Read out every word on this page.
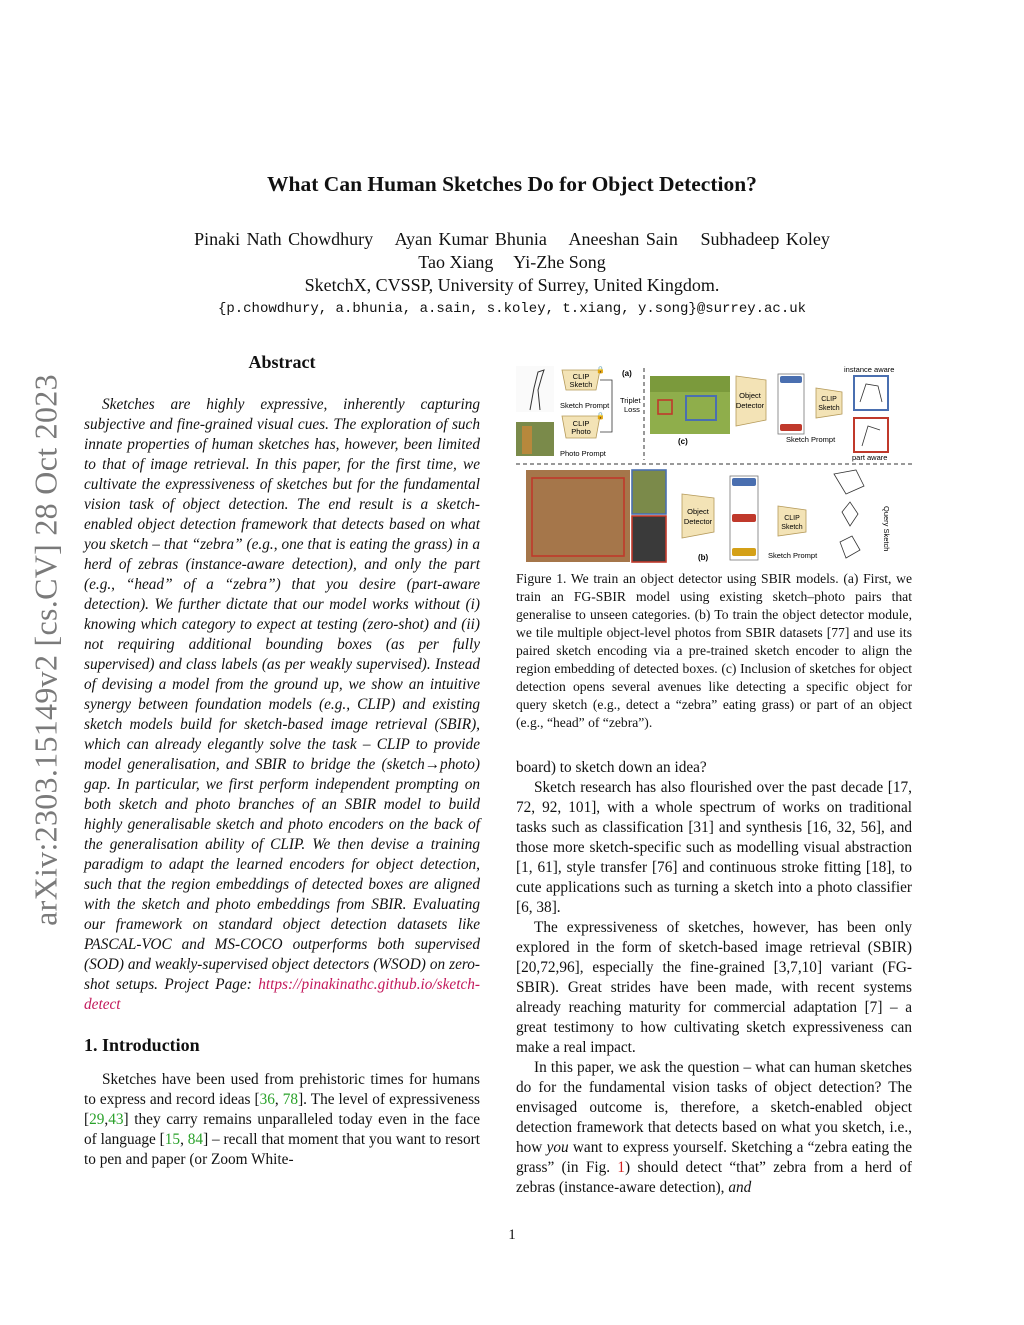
arXiv:2303.15149v2 [cs.CV] 28 Oct 2023
What Can Human Sketches Do for Object Detection?
Pinaki Nath Chowdhury Ayan Kumar Bhunia Aneeshan Sain Subhadeep Koley
Tao Xiang Yi-Zhe Song
SketchX, CVSSP, University of Surrey, United Kingdom.
{p.chowdhury, a.bhunia, a.sain, s.koley, t.xiang, y.song}@surrey.ac.uk
Abstract

Sketches are highly expressive, inherently capturing subjective and fine-grained visual cues. The exploration of such innate properties of human sketches has, however, been limited to that of image retrieval. In this paper, for the first time, we cultivate the expressiveness of sketches but for the fundamental vision task of object detection. The end result is a sketch-enabled object detection framework that detects based on what you sketch – that “zebra” (e.g., one that is eating the grass) in a herd of zebras (instance-aware detection), and only the part (e.g., “head” of a “zebra”) that you desire (part-aware detection). We further dictate that our model works without (i) knowing which category to expect at testing (zero-shot) and (ii) not requiring additional bounding boxes (as per fully supervised) and class labels (as per weakly supervised). Instead of devising a model from the ground up, we show an intuitive synergy between foundation models (e.g., CLIP) and existing sketch models build for sketch-based image retrieval (SBIR), which can already elegantly solve the task – CLIP to provide model generalisation, and SBIR to bridge the (sketch→photo) gap. In particular, we first perform independent prompting on both sketch and photo branches of an SBIR model to build highly generalisable sketch and photo encoders on the back of the generalisation ability of CLIP. We then devise a training paradigm to adapt the learned encoders for object detection, such that the region embeddings of detected boxes are aligned with the sketch and photo embeddings from SBIR. Evaluating our framework on standard object detection datasets like PASCAL-VOC and MS-COCO outperforms both supervised (SOD) and weakly-supervised object detectors (WSOD) on zero-shot setups. Project Page: https://pinakinathc.github.io/sketch-detect

1. Introduction

Sketches have been used from prehistoric times for humans to express and record ideas [36, 78]. The level of expressiveness [29,43] they carry remains unparalleled today even in the face of language [15, 84] – recall that moment that you want to resort to pen and paper (or Zoom White-

CLIP
Sketch
Sketch Prompt
CLIP
Photo
Photo Prompt
(a)
Triplet
Loss
🔒
🔒
(c)
Object
Detector
CLIP
Sketch
Sketch Prompt
instance aware
part aware
(b)
Object
Detector	CLIP
Sketch
Sketch Prompt
Query Sketch

Figure 1. We train an object detector using SBIR models. (a) First, we train an FG-SBIR model using existing sketch–photo pairs that generalise to unseen categories. (b) To train the object detector module, we tile multiple object-level photos from SBIR datasets [77] and use its paired sketch encoding via a pre-trained sketch encoder to align the region embedding of detected boxes. (c) Inclusion of sketches for object detection opens several avenues like detecting a specific object for query sketch (e.g., detect a “zebra” eating grass) or part of an object (e.g., “head” of “zebra”).

board) to sketch down an idea?

Sketch research has also flourished over the past decade [17, 72, 92, 101], with a whole spectrum of works on traditional tasks such as classification [31] and synthesis [16, 32, 56], and those more sketch-specific such as modelling visual abstraction [1, 61], style transfer [76] and continuous stroke fitting [18], to cute applications such as turning a sketch into a photo classifier [6, 38].

The expressiveness of sketches, however, has been only explored in the form of sketch-based image retrieval (SBIR) [20,72,96], especially the fine-grained [3,7,10] variant (FG-SBIR). Great strides have been made, with recent systems already reaching maturity for commercial adaptation [7] – a great testimony to how cultivating sketch expressiveness can make a real impact.

In this paper, we ask the question – what can human sketches do for the fundamental vision tasks of object detection? The envisaged outcome is, therefore, a sketch-enabled object detection framework that detects based on what you sketch, i.e., how you want to express yourself. Sketching a “zebra eating the grass” (in Fig. 1) should detect “that” zebra from a herd of zebras (instance-aware detection), and

1
